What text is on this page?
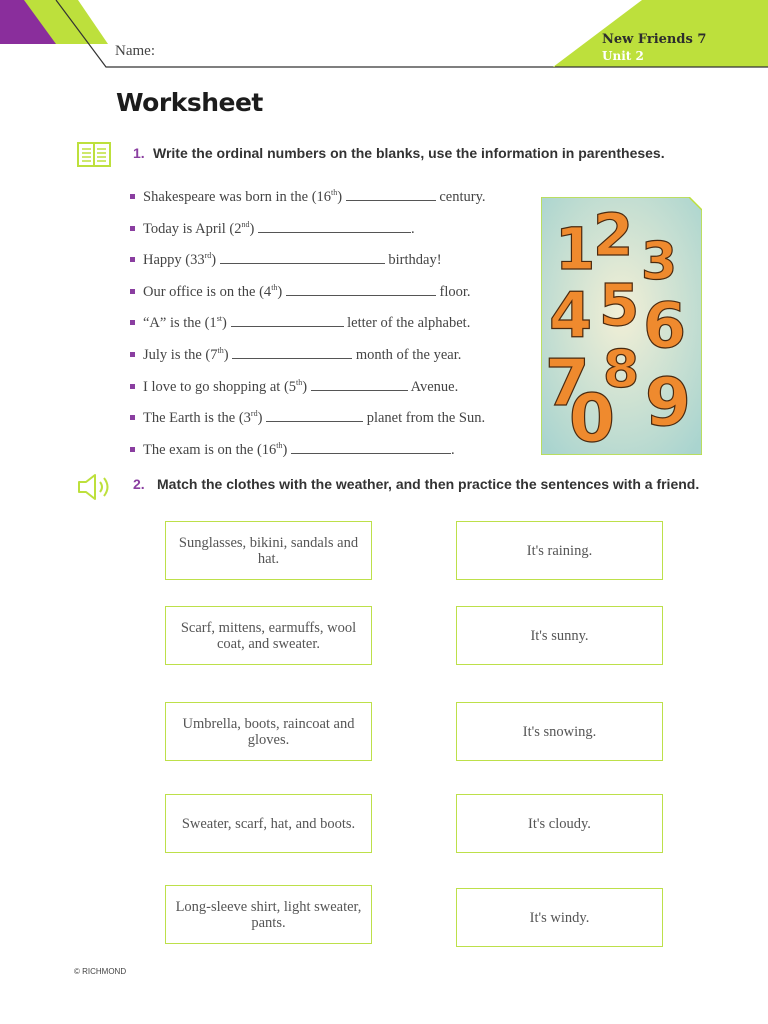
Name:
New Friends 7
Unit 2
Worksheet
1. Write the ordinal numbers on the blanks, use the information in parentheses.
Shakespeare was born in the (16th)	century.
Today is April (2nd)	.
Happy (33rd)	birthday!
Our office is on the (4th)	floor.
“A” is the (1st)	letter of the alphabet.
July is the (7th)	month of the year.
I love to go shopping at (5th)	Avenue.
The Earth is the (3rd)	planet from the Sun.
The exam is on the (16th)	.
1
2 3
4 5 6
7 8 9
0
2. Match the clothes with the weather, and then practice the sentences with a friend.
Sunglasses, bikini, sandals and hat.
Scarf, mittens, earmuffs, wool coat, and sweater.
Umbrella, boots, raincoat and gloves.
Sweater, scarf, hat, and boots.
Long-sleeve shirt, light sweater, pants.
It's raining.
It's sunny.
It's snowing.
It's cloudy.
It's windy.
© RICHMOND
